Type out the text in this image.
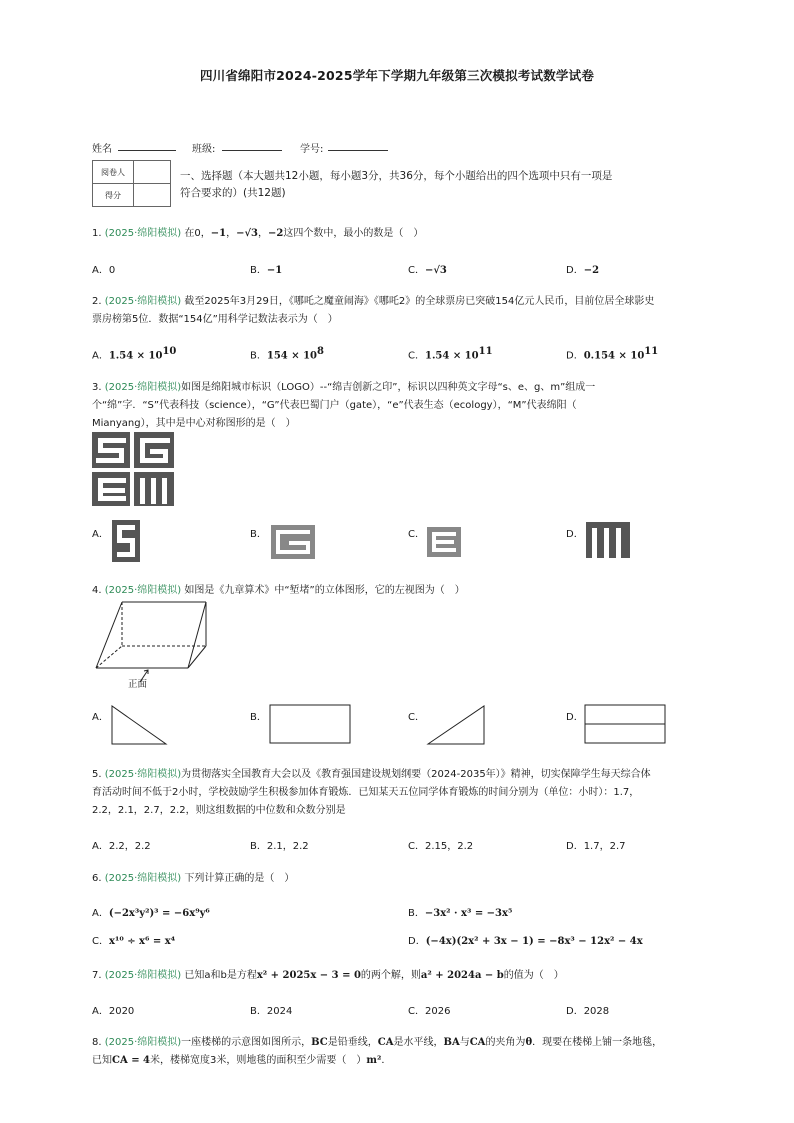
四川省绵阳市2024-2025学年下学期九年级第三次模拟考试数学试卷
姓名	班级:	学号:
阅卷人	
得分	
一、选择题（本大题共12小题，每小题3分，共36分，每个小题给出的四个选项中只有一项是
符合要求的）(共12题)
1. (2025·绵阳模拟) 在0，−1，−√3，−2这四个数中，最小的数是（　）
A．0	B．−1	C．−√3	D．−2
2. (2025·绵阳模拟) 截至2025年3月29日，《哪吒之魔童闹海》《哪吒2》的全球票房已突破154亿元人民币，目前位居全球影史
票房榜第5位．数据“154亿”用科学记数法表示为（　）
A．$1.54 \times 10^{10}$	B．$154 \times 10^8$	C．$1.54 \times 10^{11}$	D．$0.154 \times 10^{11}$
3. (2025·绵阳模拟)如图是绵阳城市标识（LOGO）--“绵吉创新之印”，标识以四种英文字母“s、e、g、m”组成一
个“绵”字．“S”代表科技（science），“G”代表巴蜀门户（gate），“e”代表生态（ecology），“M”代表绵阳（
Mianyang），其中是中心对称图形的是（　）
A．	B．	C．	D．
4. (2025·绵阳模拟) 如图是《九章算术》中“堑堵”的立体图形，它的左视图为（　）
正面
A．	B．	C．	D．
5. (2025·绵阳模拟)为贯彻落实全国教育大会以及《教育强国建设规划纲要（2024-2035年）》精神，切实保障学生每天综合体
育活动时间不低于2小时，学校鼓励学生积极参加体育锻炼．已知某天五位同学体育锻炼的时间分别为（单位：小时）：1.7，
2.2，2.1，2.7，2.2，则这组数据的中位数和众数分别是
A．2.2，2.2	B．2.1，2.2	C．2.15，2.2	D．1.7，2.7
6. (2025·绵阳模拟) 下列计算正确的是（　）
A．(−2x³y²)³ = −6x⁹y⁶	B．−3x² · x³ = −3x⁵
C．x¹⁰ ÷ x⁶ = x⁴	D．(−4x)(2x² + 3x − 1) = −8x³ − 12x² − 4x
7. (2025·绵阳模拟) 已知a和b是方程x² + 2025x − 3 = 0的两个解，则a² + 2024a − b的值为（　）
A．2020	B．2024	C．2026	D．2028
8. (2025·绵阳模拟)一座楼梯的示意图如图所示，BC是铅垂线，CA是水平线，BA与CA的夹角为θ．现要在楼梯上铺一条地毯，
已知CA = 4米，楼梯宽度3米，则地毯的面积至少需要（　）m²．
